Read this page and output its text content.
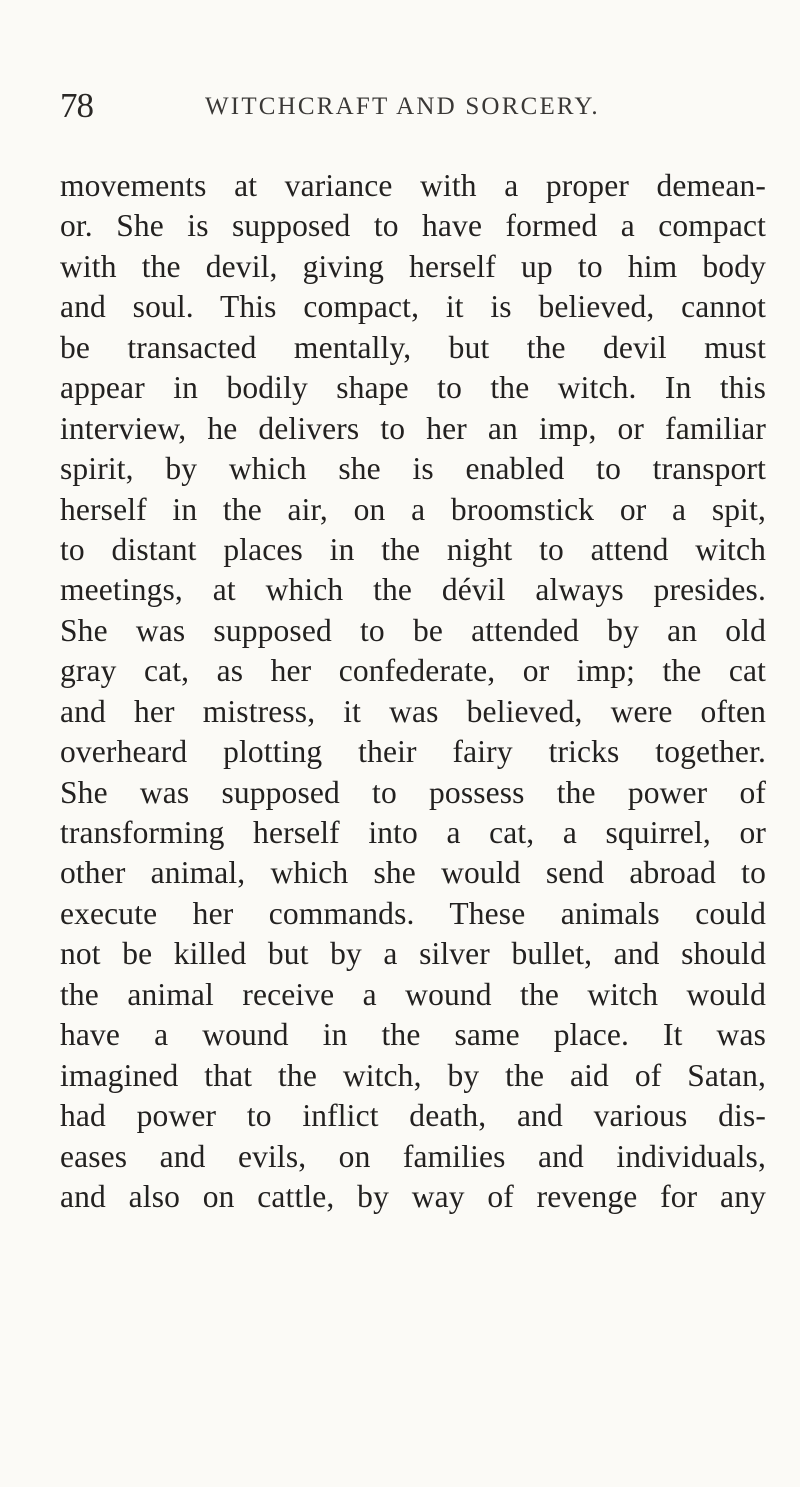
78	WITCHCRAFT AND SORCERY.
movements at variance with a proper demean-
or. She is supposed to have formed a compact
with the devil, giving herself up to him body
and soul. This compact, it is believed, cannot
be transacted mentally, but the devil must
appear in bodily shape to the witch. In this
interview, he delivers to her an imp, or familiar
spirit, by which she is enabled to transport
herself in the air, on a broomstick or a spit,
to distant places in the night to attend witch
meetings, at which the dévil always presides.
She was supposed to be attended by an old
gray cat, as her confederate, or imp; the cat
and her mistress, it was believed, were often
overheard plotting their fairy tricks together.
She was supposed to possess the power of
transforming herself into a cat, a squirrel, or
other animal, which she would send abroad to
execute her commands. These animals could
not be killed but by a silver bullet, and should
the animal receive a wound the witch would
have a wound in the same place. It was
imagined that the witch, by the aid of Satan,
had power to inflict death, and various dis-
eases and evils, on families and individuals,
and also on cattle, by way of revenge for any
